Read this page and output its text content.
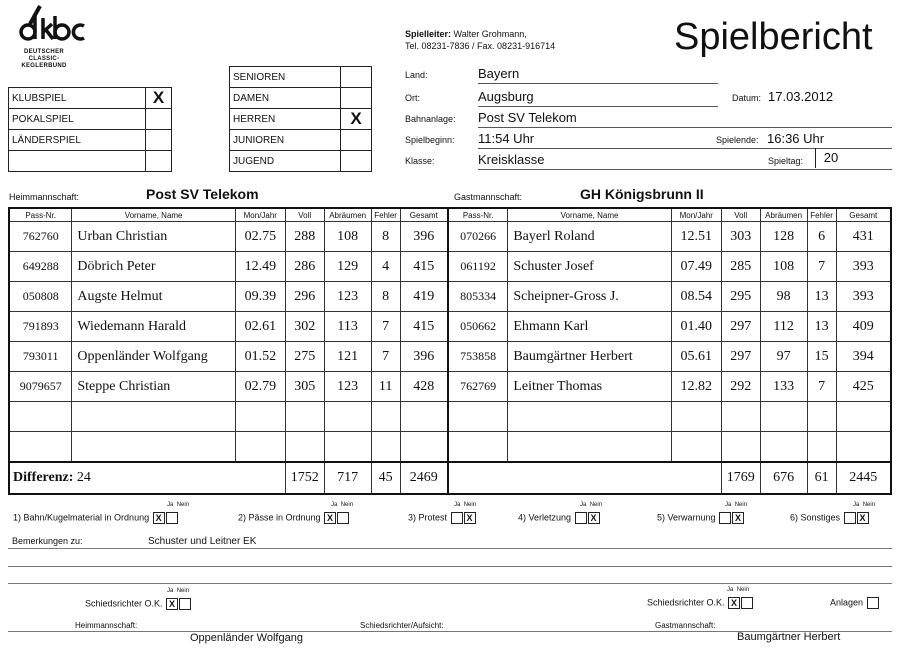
DEUTSCHER CLASSIC-KEGLERBUND
Spielbericht
Spielleiter: Walter Grohmann,
Tel. 08231-7836 / Fax. 08231-916714
KLUBSPIEL	X
POKALSPIEL	
LÄNDERSPIEL	

SENIOREN	
DAMEN	
HERREN	X
JUNIOREN	
JUGEND	
Land:	Bayern
Ort:	Augsburg	Datum: 17.03.2012
Bahnanlage: Post SV Telekom
Spielbeginn: 11:54 Uhr	Spielende: 16:36 Uhr
Klasse:	Kreisklasse	Spieltag:	20
Heimmannschaft:	Post SV Telekom	Gastmannschaft:	GH Königsbrunn II
Pass-Nr.	Vorname, Name	Mon/Jahr	Voll	Abräumen	Fehler	Gesamt	Pass-Nr.	Vorname, Name	Mon/Jahr	Voll	Abräumen	Fehler	Gesamt
762760	Urban Christian	02.75	288	108	8	396	070266	Bayerl Roland	12.51	303	128	6	431
649288	Döbrich Peter	12.49	286	129	4	415	061192	Schuster Josef	07.49	285	108	7	393
050808	Augste Helmut	09.39	296	123	8	419	805334	Scheipner-Gross J.	08.54	295	98	13	393
791893	Wiedemann Harald	02.61	302	113	7	415	050662	Ehmann Karl	01.40	297	112	13	409
793011	Oppenländer Wolfgang	01.52	275	121	7	396	753858	Baumgärtner Herbert	05.61	297	97	15	394
9079657	Steppe Christian	02.79	305	123	11	428	762769	Leitner Thomas	12.82	292	133	7	425

Differenz: 24			1752	717	45	2469				1769	676	61	2445
1) Bahn/Kugelmaterial in Ordnung X
Ja Nein
2) Pässe in Ordnung X
Ja Nein
3) Protest X
Ja Nein
4) Verletzung X
Ja Nein
5) Verwarnung X
Ja Nein
6) Sonstiges X
Ja Nein
Bemerkungen zu:	Schuster und Leitner EK
Schiedsrichter O.K. X
Ja Nein
Schiedsrichter O.K. X
Ja Nein
Anlagen
Heimmannschaft:	Schiedsrichter/Aufsicht:	Gastmannschaft:
Oppenländer Wolfgang	Baumgärtner Herbert
